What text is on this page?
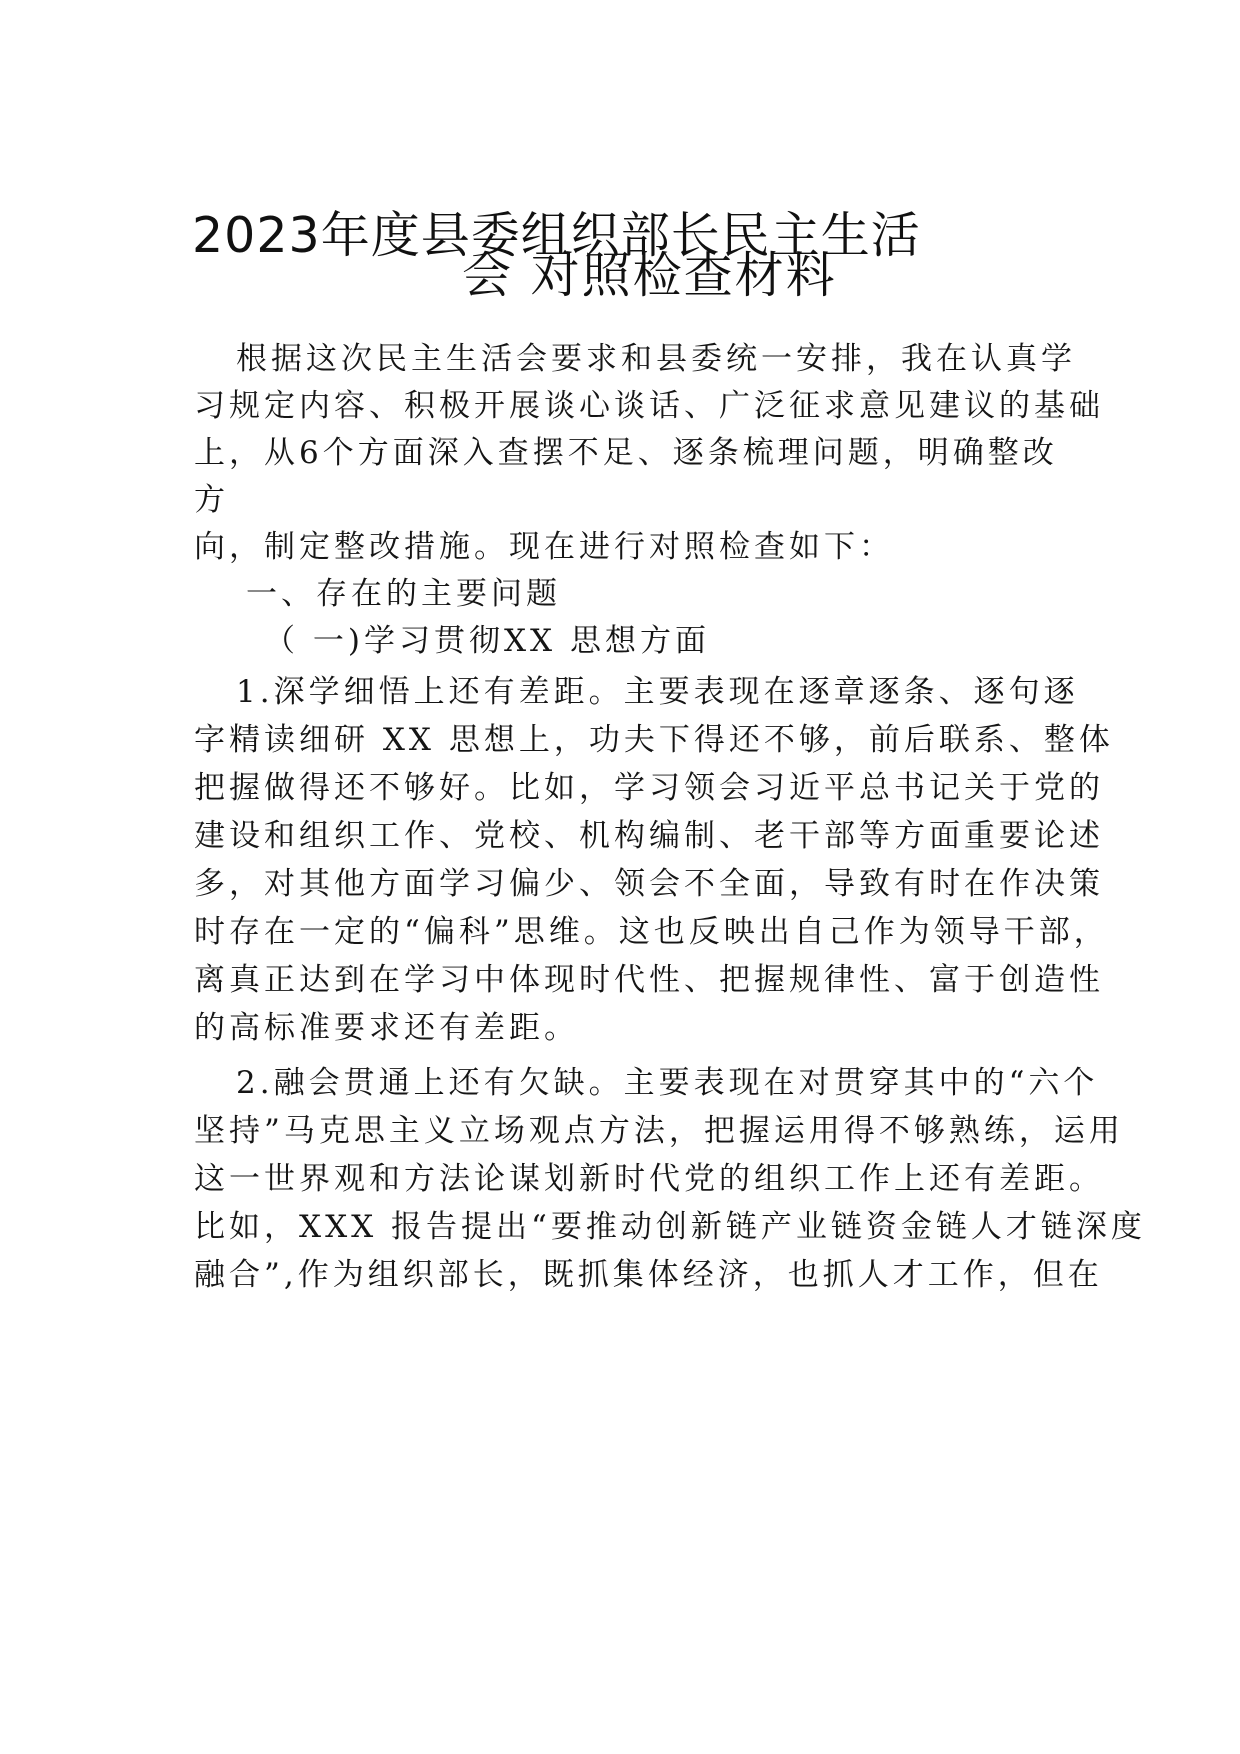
2023年度县委组织部长民主生活
会 对照检查材料

根据这次民主生活会要求和县委统一安排，我在认真学

习规定内容、积极开展谈心谈话、广泛征求意见建议的基础

上，从6个方面深入查摆不足、逐条梳理问题，明确整改

方

向，制定整改措施。现在进行对照检查如下：

一、存在的主要问题

（ 一)学习贯彻XX 思想方面

1.深学细悟上还有差距。主要表现在逐章逐条、逐句逐

字精读细研 XX 思想上，功夫下得还不够，前后联系、整体

把握做得还不够好。比如，学习领会习近平总书记关于党的

建设和组织工作、党校、机构编制、老干部等方面重要论述

多，对其他方面学习偏少、领会不全面，导致有时在作决策

时存在一定的“偏科”思维。这也反映出自己作为领导干部，

离真正达到在学习中体现时代性、把握规律性、富于创造性

的高标准要求还有差距。

2.融会贯通上还有欠缺。主要表现在对贯穿其中的“六个

坚持”马克思主义立场观点方法，把握运用得不够熟练，运用

这一世界观和方法论谋划新时代党的组织工作上还有差距。

比如，XXX 报告提出“要推动创新链产业链资金链人才链深度

融合”,作为组织部长，既抓集体经济，也抓人才工作，但在
